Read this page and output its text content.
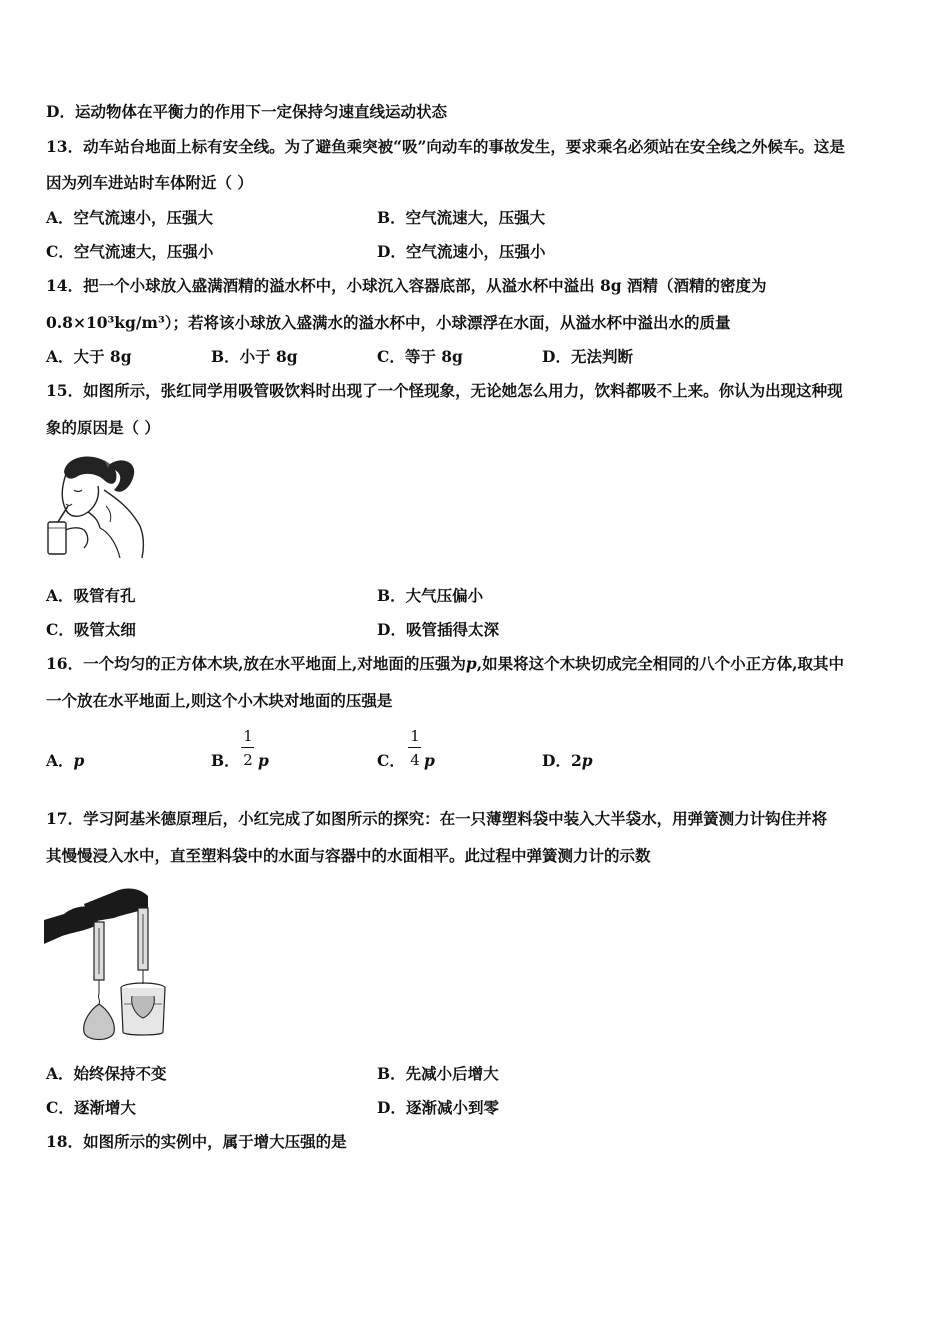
D．运动物体在平衡力的作用下一定保持匀速直线运动状态
13．动车站台地面上标有安全线。为了避鱼乘突被“吸”向动车的事故发生，要求乘名必须站在安全线之外候车。这是
因为列车进站时车体附近（ ）
A．空气流速小，压强大	B．空气流速大，压强大
C．空气流速大，压强小	D．空气流速小，压强小
14．把一个小球放入盛满酒精的溢水杯中，小球沉入容器底部，从溢水杯中溢出 8g 酒精（酒精的密度为
0.8×10³kg/m³）；若将该小球放入盛满水的溢水杯中，小球漂浮在水面，从溢水杯中溢出水的质量
A．大于 8g	B．小于 8g	C．等于 8g	D．无法判断
15．如图所示，张红同学用吸管吸饮料时出现了一个怪现象，无论她怎么用力，饮料都吸不上来。你认为出现这种现
象的原因是（ ）
A．吸管有孔	B．大气压偏小
C．吸管太细	D．吸管插得太深
16．一个均匀的正方体木块,放在水平地面上,对地面的压强为p,如果将这个木块切成完全相同的八个小正方体,取其中
一个放在水平地面上,则这个小木块对地面的压强是
A．p	B．
1
2 p	C．
1
4 p	D．2p
17．学习阿基米德原理后，小红完成了如图所示的探究：在一只薄塑料袋中装入大半袋水，用弹簧测力计钩住并将
其慢慢浸入水中，直至塑料袋中的水面与容器中的水面相平。此过程中弹簧测力计的示数
A．始终保持不变	B．先减小后增大
C．逐渐增大	D．逐渐减小到零
18．如图所示的实例中，属于增大压强的是
